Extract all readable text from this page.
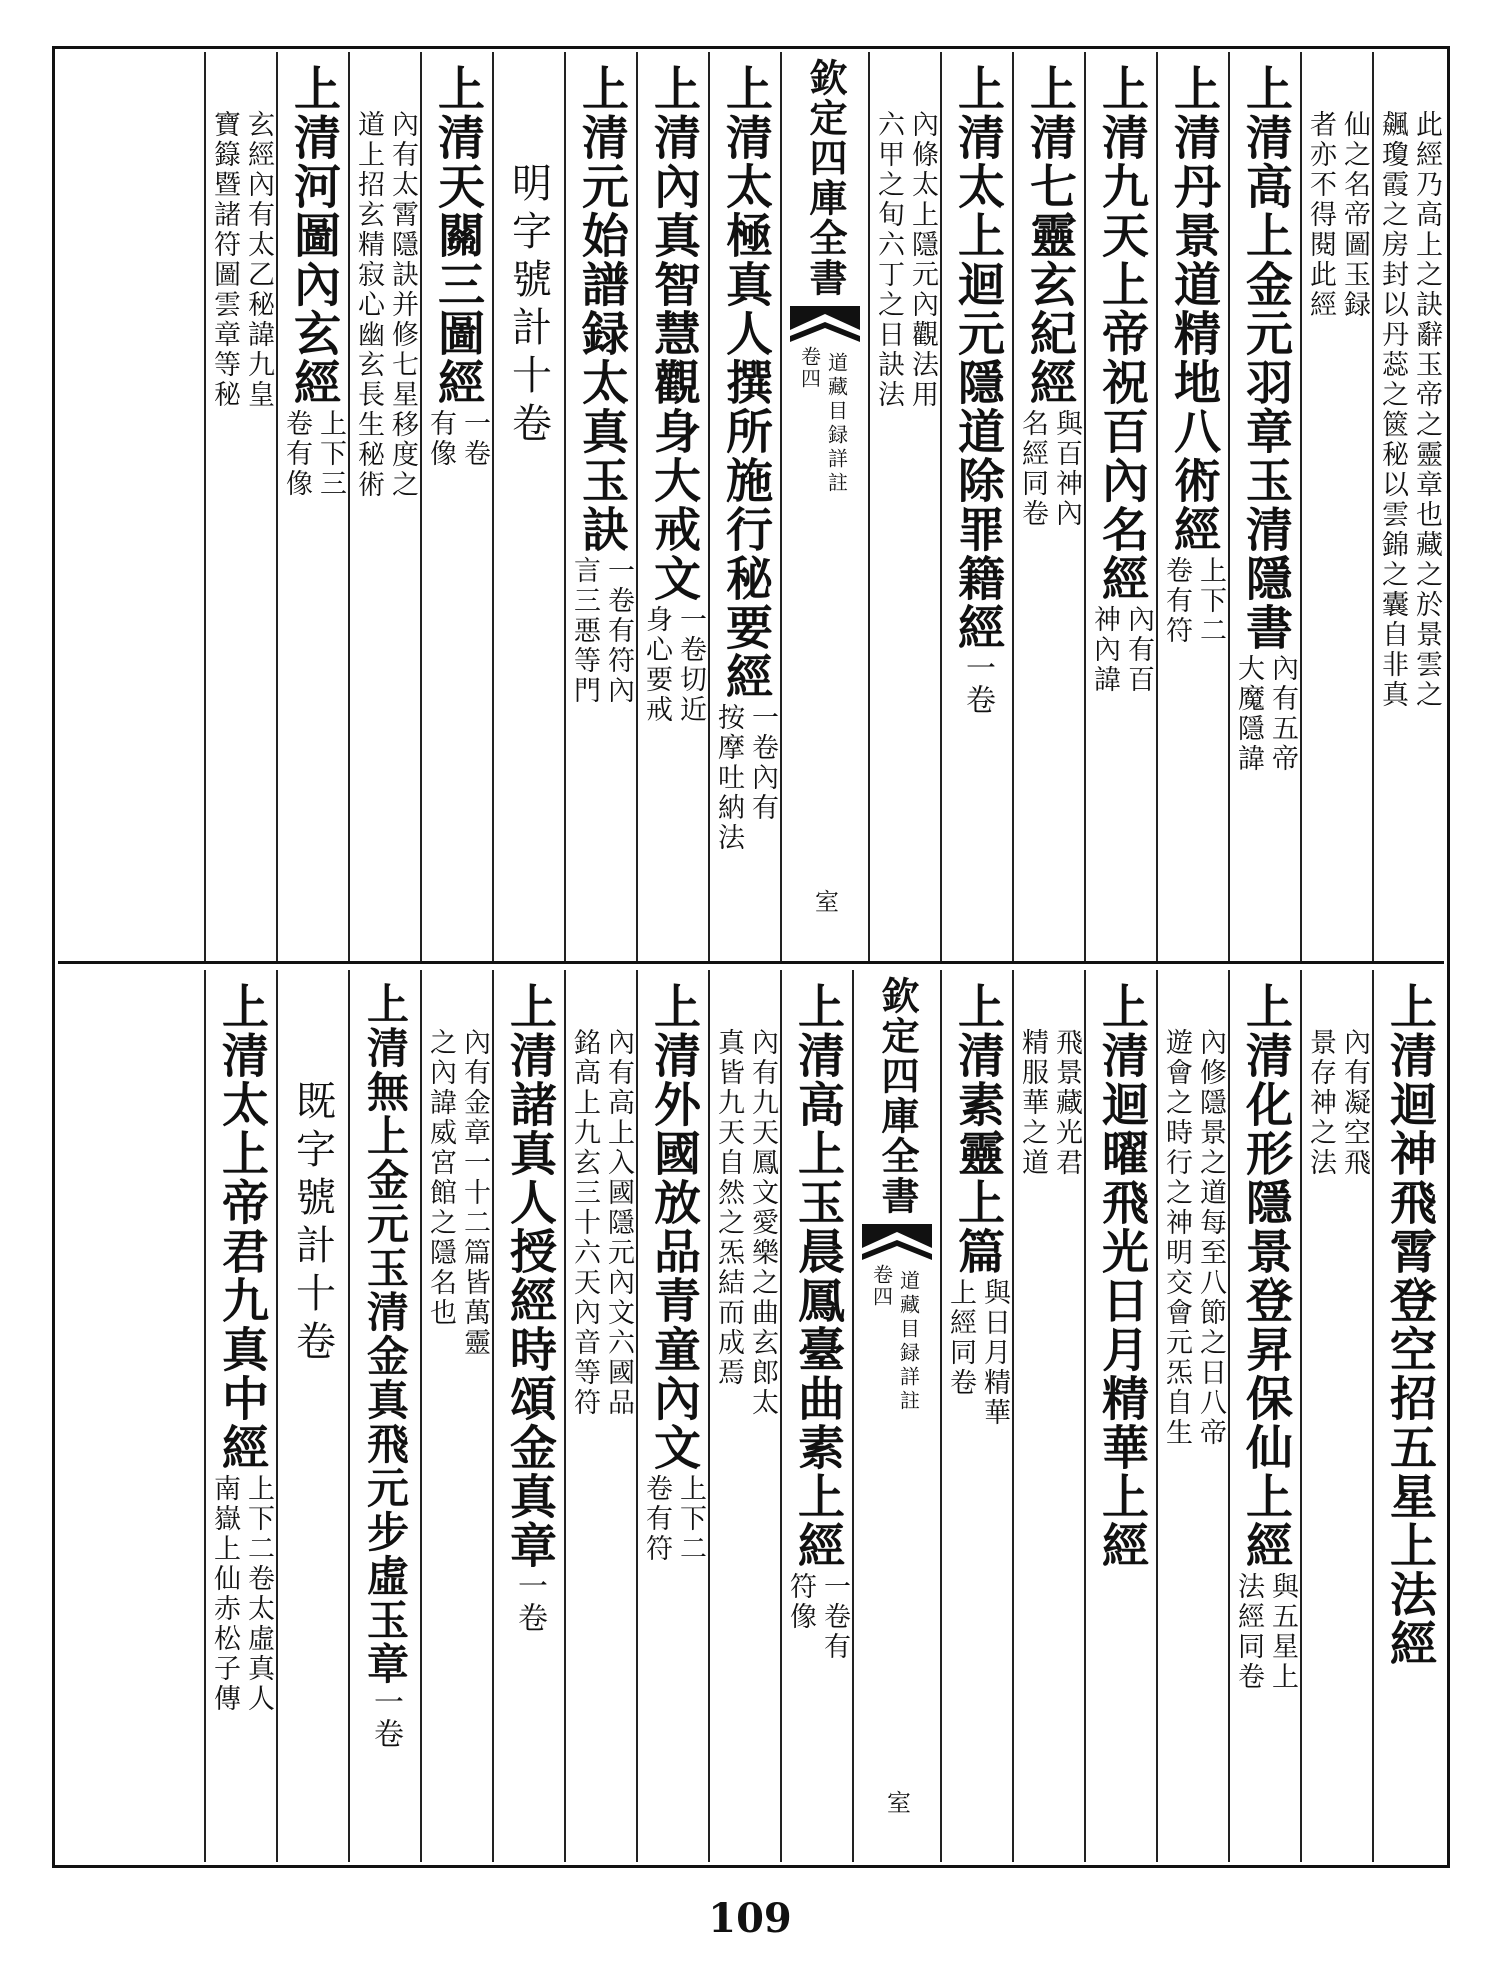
此經乃高上之訣辭玉帝之靈章也藏之於景雲之
飆瓊霞之房封以丹蕊之篋秘以雲錦之囊自非真
仙之名帝圖玉録
者亦不得閱此經
上清高上金元羽章玉清隱書
內有五帝
大魔隱諱
上清丹景道精地八術經
上下二
卷有符
上清九天上帝祝百內名經
內有百
神內諱
上清七靈玄紀經
與百神內
名經同卷
上清太上迴元隱道除罪籍經
一卷
內條太上隱元內觀法用
六甲之旬六丁之日訣法
欽定四庫全書
道藏目録詳註
卷四
室
上清太極真人撰所施行秘要經
一卷內有
按摩吐納法
上清內真智慧觀身大戒文
一卷切近
身心要戒
上清元始譜録太真玉訣
一卷有符內
言三悪等門
明字號計十卷
上清天關三圖經
一卷
有像
內有太霄隱訣并修七星移度之
道上招玄精寂心幽玄長生秘術
上清河圖內玄經
上下三
卷有像
玄經內有太乙秘諱九皇
寶籙暨諸符圖雲章等秘
上清迴神飛霄登空招五星上法經
內有凝空飛
景存神之法
上清化形隱景登昇保仙上經
與五星上
法經同卷
內修隱景之道每至八節之日八帝
遊會之時行之神明交會元炁自生
上清迴曜飛光日月精華上經
飛景藏光君
精服華之道
上清素靈上篇
與日月精華
上經同卷
欽定四庫全書
道藏目録詳註
卷四
室
上清高上玉晨鳳臺曲素上經
一卷有
符像
內有九天鳳文愛樂之曲玄郎太
真皆九天自然之炁結而成焉
上清外國放品青童內文
上下二
卷有符
內有高上入國隱元內文六國品
銘高上九玄三十六天內音等符
上清諸真人授經時頌金真章
一卷
內有金章一十二篇皆萬靈
之內諱威宮館之隱名也
上清無上金元玉清金真飛元步虛玉章
一卷
既字號計十卷
上清太上帝君九真中經
上下二卷太虛真人
南嶽上仙赤松子傳
109
